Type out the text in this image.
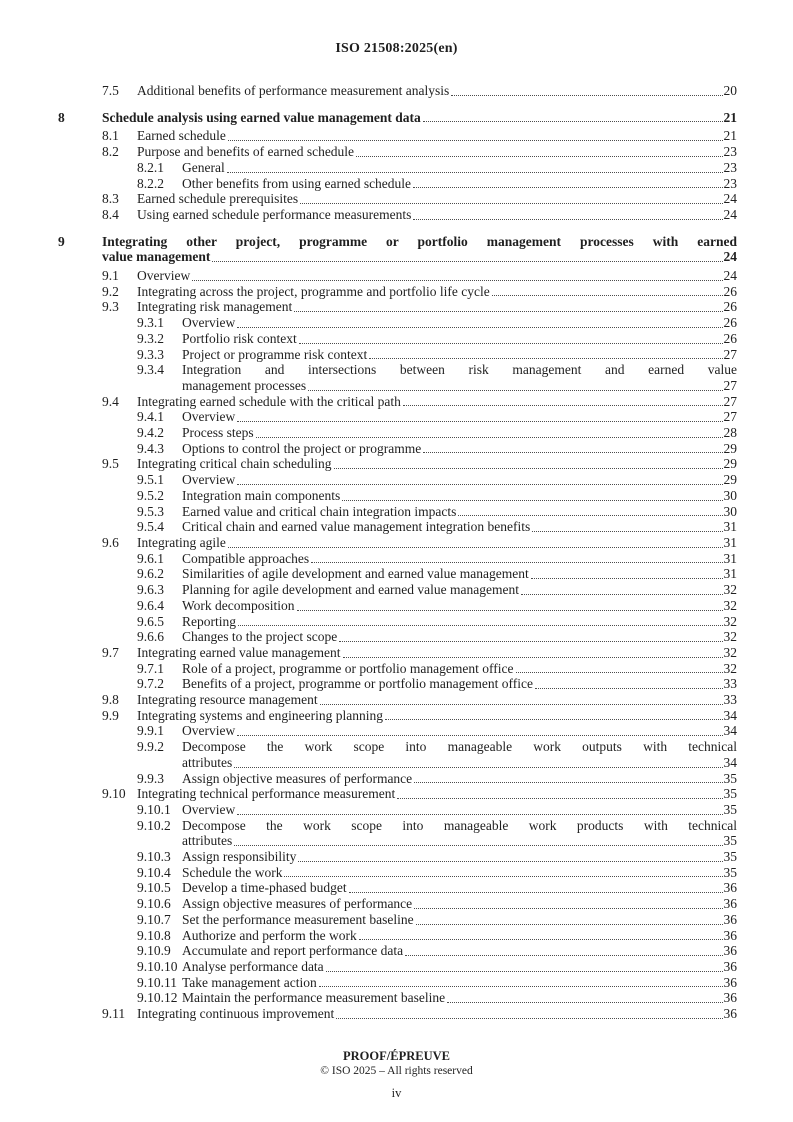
ISO 21508:2025(en)
7.5	Additional benefits of performance measurement analysis	20
8	Schedule analysis using earned value management data	21
8.1	Earned schedule	21
8.2	Purpose and benefits of earned schedule	23
8.2.1	General	23
8.2.2	Other benefits from using earned schedule	23
8.3	Earned schedule prerequisites	24
8.4	Using earned schedule performance measurements	24
9	Integrating other project, programme or portfolio management processes with earned
value management	24
9.1	Overview	24
9.2	Integrating across the project, programme and portfolio life cycle	26
9.3	Integrating risk management	26
9.3.1	Overview	26
9.3.2	Portfolio risk context	26
9.3.3	Project or programme risk context	27
9.3.4	Integration and intersections between risk management and earned value
management processes	27
9.4	Integrating earned schedule with the critical path	27
9.4.1	Overview	27
9.4.2	Process steps	28
9.4.3	Options to control the project or programme	29
9.5	Integrating critical chain scheduling	29
9.5.1	Overview	29
9.5.2	Integration main components	30
9.5.3	Earned value and critical chain integration impacts	30
9.5.4	Critical chain and earned value management integration benefits	31
9.6	Integrating agile	31
9.6.1	Compatible approaches	31
9.6.2	Similarities of agile development and earned value management	31
9.6.3	Planning for agile development and earned value management	32
9.6.4	Work decomposition	32
9.6.5	Reporting	32
9.6.6	Changes to the project scope	32
9.7	Integrating earned value management	32
9.7.1	Role of a project, programme or portfolio management office	32
9.7.2	Benefits of a project, programme or portfolio management office	33
9.8	Integrating resource management	33
9.9	Integrating systems and engineering planning	34
9.9.1	Overview	34
9.9.2	Decompose the work scope into manageable work outputs with technical
attributes	34
9.9.3	Assign objective measures of performance	35
9.10 Integrating technical performance measurement	35
9.10.1 Overview	35
9.10.2 Decompose the work scope into manageable work products with technical
attributes	35
9.10.3 Assign responsibility	35
9.10.4 Schedule the work	35
9.10.5 Develop a time-phased budget	36
9.10.6 Assign objective measures of performance	36
9.10.7 Set the performance measurement baseline	36
9.10.8 Authorize and perform the work	36
9.10.9 Accumulate and report performance data	36
9.10.10 Analyse performance data	36
9.10.11 Take management action	36
9.10.12 Maintain the performance measurement baseline	36
9.11 Integrating continuous improvement	36
PROOF/ÉPREUVE
© ISO 2025 – All rights reserved
iv
